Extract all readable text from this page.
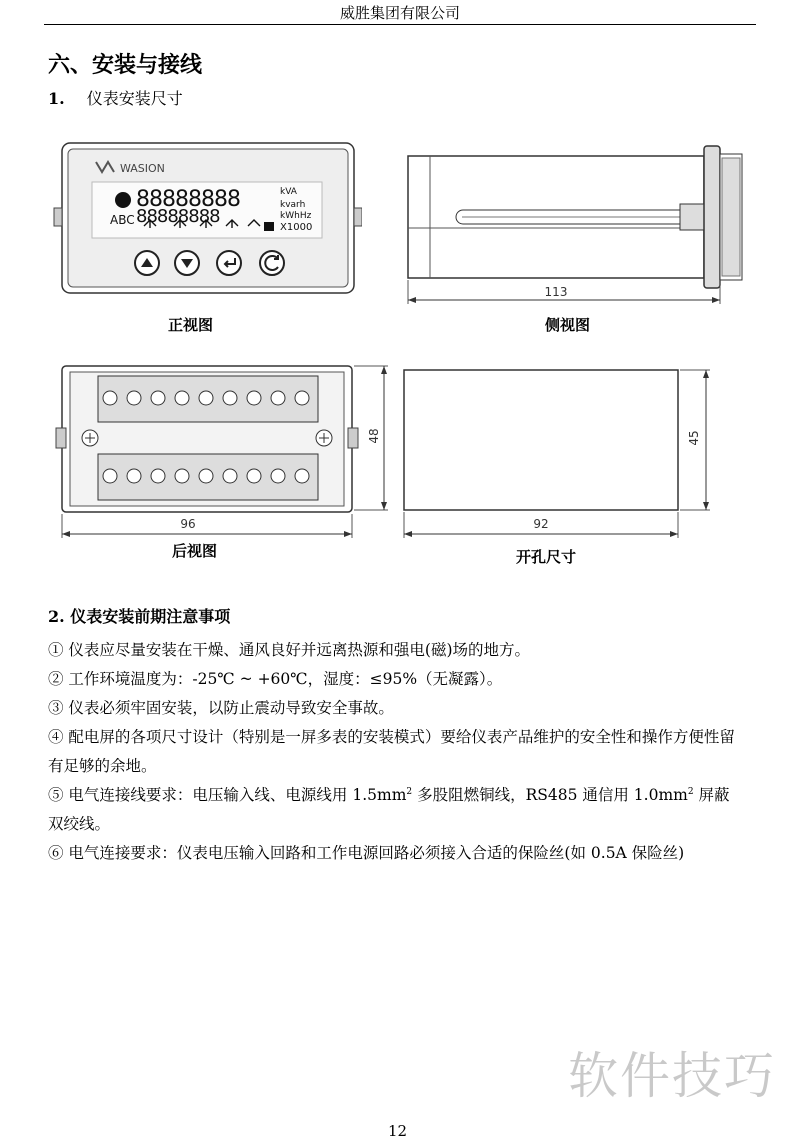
威胜集团有限公司
六、安装与接线
1. 仪表安装尺寸
WASION
88888888
88888888
kVA
kvarh
kWhHz
ABC
X1000
正视图
113
侧视图
96
48
后视图
45
92
开孔尺寸
2. 仪表安装前期注意事项

① 仪表应尽量安装在干燥、通风良好并远离热源和强电(磁)场的地方。

② 工作环境温度为：-25℃ ~ +60℃，湿度：≤95%（无凝露）。

③ 仪表必须牢固安装，以防止震动导致安全事故。

④ 配电屏的各项尺寸设计（特别是一屏多表的安装模式）要给仪表产品维护的安全性和操作方便性留有足够的余地。

⑤ 电气连接线要求：电压输入线、电源线用 $1.5mm^2$ 多股阻燃铜线，RS485 通信用 $1.0mm^2$ 屏蔽双绞线。

⑥ 电气连接要求：仪表电压输入回路和工作电源回路必须接入合适的保险丝(如 0.5A 保险丝)

软件技巧
12
